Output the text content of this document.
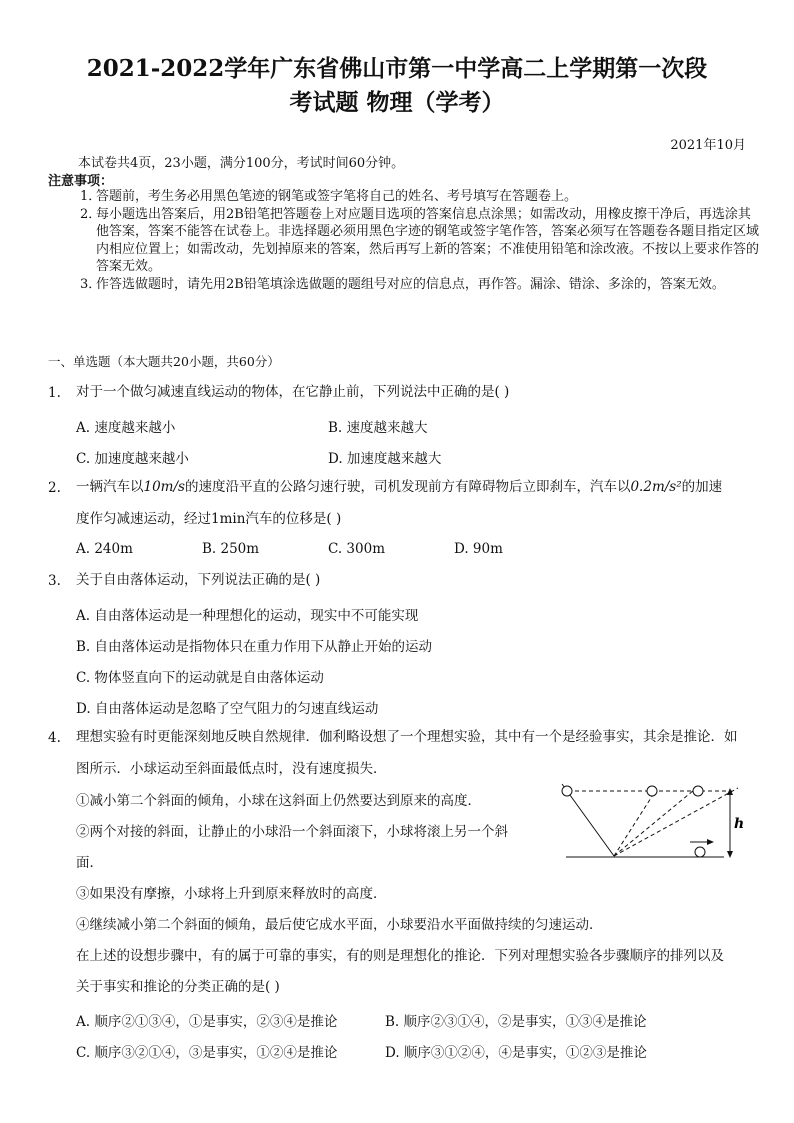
2021-2022学年广东省佛山市第一中学高二上学期第一次段
考试题 物理（学考）
2021年10月
本试卷共4页，23小题，满分100分，考试时间60分钟。
注意事项：
1．
答题前，考生务必用黑色笔迹的钢笔或签字笔将自己的姓名、考号填写在答题卷上。
2．
每小题选出答案后，用2B铅笔把答题卷上对应题目选项的答案信息点涂黑；如需改动，用橡皮擦干净后，再选涂其他答案，答案不能答在试卷上。非选择题必须用黑色字迹的钢笔或签字笔作答，答案必须写在答题卷各题目指定区域内相应位置上；如需改动，先划掉原来的答案，然后再写上新的答案；不准使用铅笔和涂改液。不按以上要求作答的答案无效。
3．
作答选做题时，请先用2B铅笔填涂选做题的题组号对应的信息点，再作答。漏涂、错涂、多涂的，答案无效。
一、单选题（本大题共20小题，共60分）
1. 对于一个做匀减速直线运动的物体，在它静止前，下列说法中正确的是( )
A. 速度越来越小	B. 速度越来越大
C. 加速度越来越小	D. 加速度越来越大
2. 一辆汽车以10m/s的速度沿平直的公路匀速行驶，司机发现前方有障碍物后立即刹车，汽车以0.2m/s²的加速
度作匀减速运动，经过1min汽车的位移是( )
A. 240m	B. 250m	C. 300m	D. 90m
3. 关于自由落体运动，下列说法正确的是( )
A. 自由落体运动是一种理想化的运动，现实中不可能实现
B. 自由落体运动是指物体只在重力作用下从静止开始的运动
C. 物体竖直向下的运动就是自由落体运动
D. 自由落体运动是忽略了空气阻力的匀速直线运动
4. 理想实验有时更能深刻地反映自然规律．伽利略设想了一个理想实验，其中有一个是经验事实，其余是推论．如
图所示．小球运动至斜面最低点时，没有速度损失．
①减小第二个斜面的倾角，小球在这斜面上仍然要达到原来的高度．
②两个对接的斜面，让静止的小球沿一个斜面滚下，小球将滚上另一个斜
面．
③如果没有摩擦，小球将上升到原来释放时的高度．
④继续减小第二个斜面的倾角，最后使它成水平面，小球要沿水平面做持续的匀速运动．
在上述的设想步骤中，有的属于可靠的事实，有的则是理想化的推论．下列对理想实验各步骤顺序的排列以及
关于事实和推论的分类正确的是( )
A. 顺序②①③④，①是事实，②③④是推论	B. 顺序②③①④，②是事实，①③④是推论
C. 顺序③②①④，③是事实，①②④是推论	D. 顺序③①②④，④是事实，①②③是推论
h
